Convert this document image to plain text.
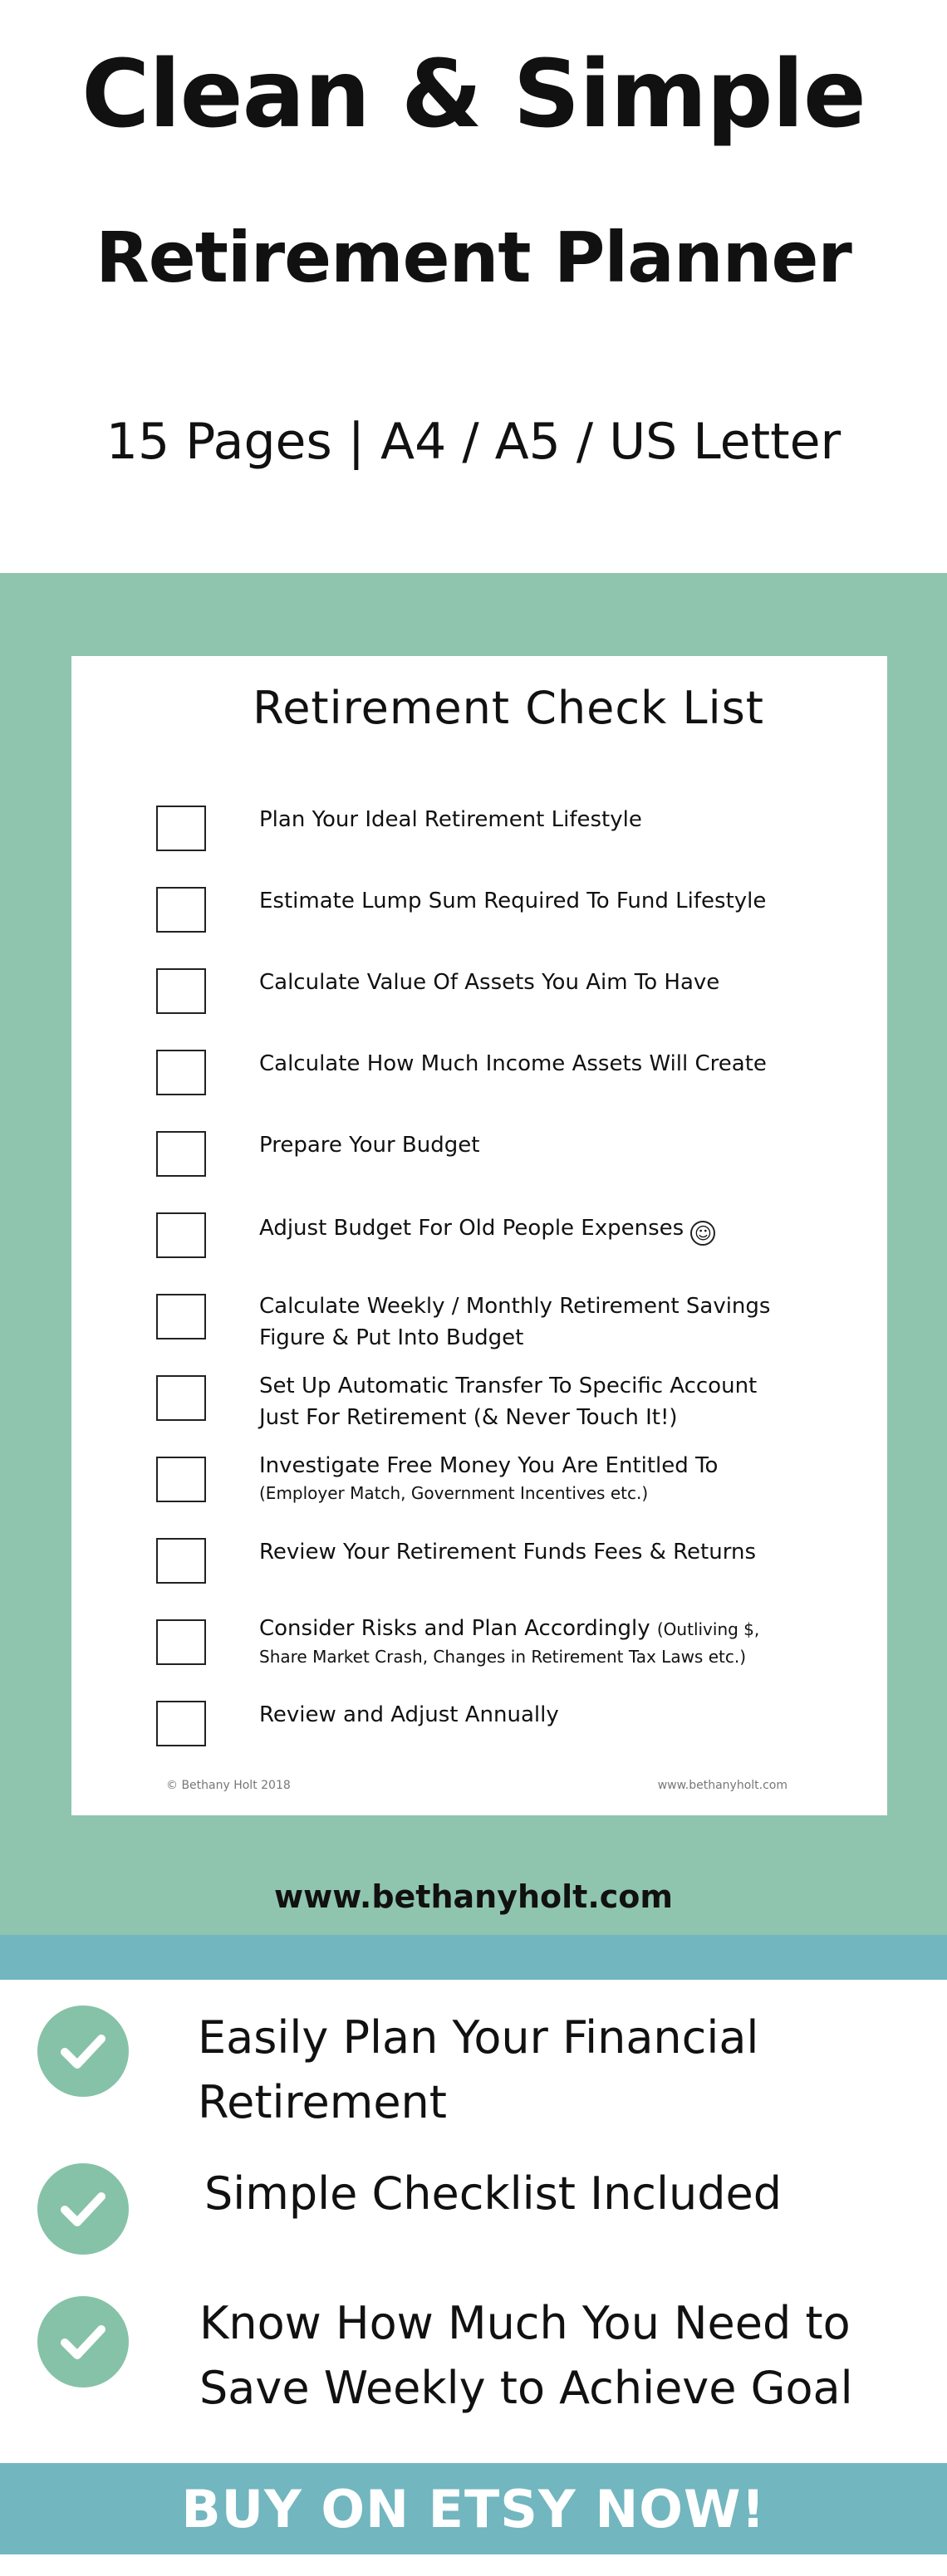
Clean & Simple
Retirement Planner
15 Pages | A4 / A5 / US Letter
Retirement Check List
Plan Your Ideal Retirement Lifestyle
Estimate Lump Sum Required To Fund Lifestyle
Calculate Value Of Assets You Aim To Have
Calculate How Much Income Assets Will Create
Prepare Your Budget
Adjust Budget For Old People Expenses ☺
Calculate Weekly / Monthly Retirement Savings
Figure & Put Into Budget
Set Up Automatic Transfer To Specific Account
Just For Retirement (& Never Touch It!)
Investigate Free Money You Are Entitled To
(Employer Match, Government Incentives etc.)
Review Your Retirement Funds Fees & Returns
Consider Risks and Plan Accordingly (Outliving $,
Share Market Crash, Changes in Retirement Tax Laws etc.)
Review and Adjust Annually
© Bethany Holt 2018	www.bethanyholt.com
www.bethanyholt.com
Easily Plan Your Financial
Retirement
Simple Checklist Included
Know How Much You Need to
Save Weekly to Achieve Goal
BUY ON ETSY NOW!
